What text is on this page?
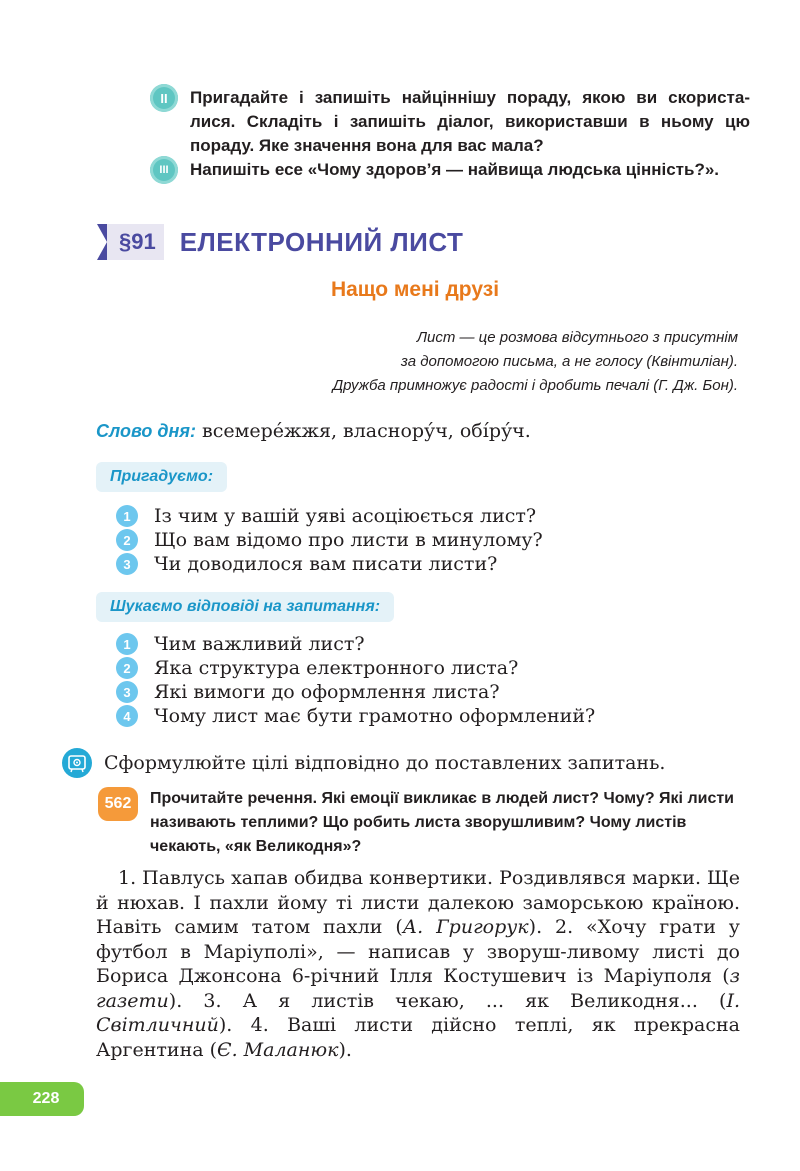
II	Пригадайте і запишіть найціннішу пораду, якою ви скориста-лися. Складіть і запишіть діалог, використавши в ньому цю пораду. Яке значення вона для вас мала?
III	Напишіть есе «Чому здоров’я — найвища людська цінність?».
§91 ЕЛЕКТРОННИЙ ЛИСТ
Нащо мені друзі
Лист — це розмова відсутнього з присутнім
за допомогою письма, а не голосу (Квінтиліан).
Дружба примножує радості і дробить печалі (Г. Дж. Бон).
Слово дня: всемере́жжя, власнору́ч, обі́ру́ч.
Пригадуємо:
1	Із чим у вашій уяві асоціюється лист?
2	Що вам відомо про листи в минулому?
3	Чи доводилося вам писати листи?
Шукаємо відповіді на запитання:
1	Чим важливий лист?
2	Яка структура електронного листа?
3	Які вимоги до оформлення листа?
4	Чому лист має бути грамотно оформлений?
Сформулюйте цілі відповідно до поставлених запитань.
562	Прочитайте речення. Які емоції викликає в людей лист? Чому? Які листи називають теплими? Що робить листа зворушливим? Чому листів чекають, «як Великодня»?
1. Павлусь хапав обидва конвертики. Роздивлявся марки. Ще й нюхав. І пахли йому ті листи далекою заморською країною. Навіть самим татом пахли (А. Григорук). 2. «Хочу грати у футбол в Маріуполі», — написав у зворуш-ливому листі до Бориса Джонсона 6-річний Ілля Костушевич із Маріуполя (з газети). 3. А я листів чекаю, ... як Великодня... (І. Світличний). 4. Ваші листи дійсно теплі, як прекрасна Аргентина (Є. Маланюк).
228
